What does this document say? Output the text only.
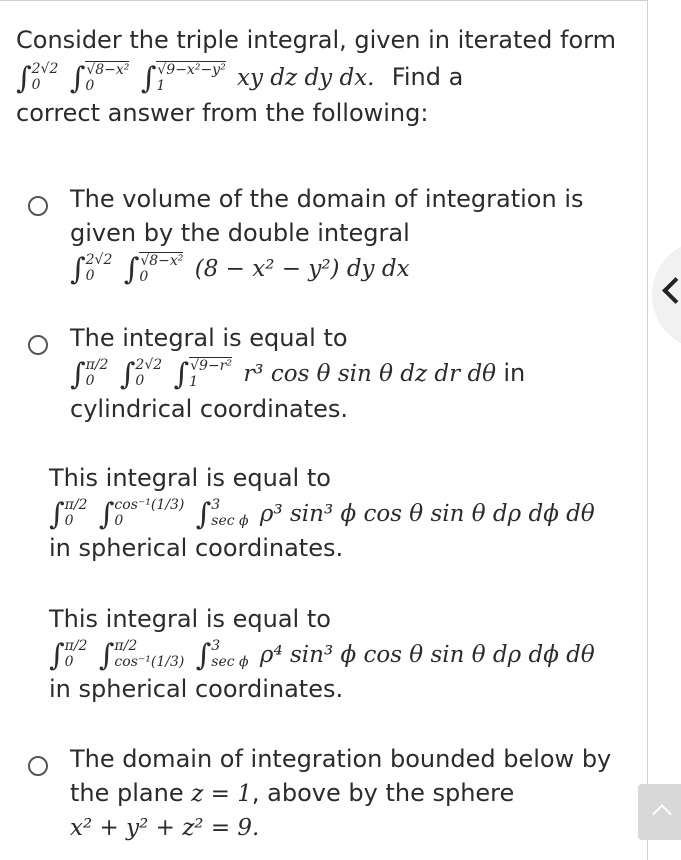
Consider the triple integral, given in iterated form
∫ 2√2
0 ∫ √8−x²
0	∫ √9−x²−y²
1	xy dz dy dx. Find a
correct answer from the following:
The volume of the domain of integration is
given by the double integral
∫ 2√2
0 ∫ √8−x²
0	(8 − x² − y²) dy dx
The integral is equal to
∫ π/2
0 ∫ 2√2
0 ∫ √9−r²
1	r³ cos θ sin θ dz dr dθ in
cylindrical coordinates.
This integral is equal to
∫ π/2
0 ∫ cos⁻¹(1/3)
0	∫ 3
sec ϕ ρ³ sin³ ϕ cos θ sin θ dρ dϕ dθ
in spherical coordinates.
This integral is equal to
∫ π/2
0 ∫ π/2
cos⁻¹(1/3) ∫ 3
sec ϕ ρ⁴ sin³ ϕ cos θ sin θ dρ dϕ dθ
in spherical coordinates.
The domain of integration bounded below by
the plane z = 1, above by the sphere
x² + y² + z² = 9.
